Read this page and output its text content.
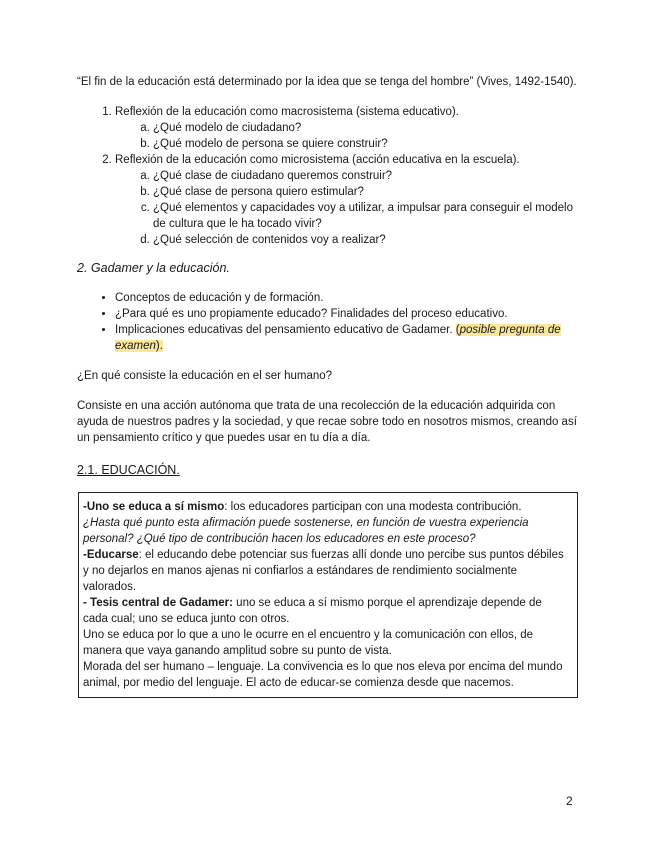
“El fin de la educación está determinado por la idea que se tenga del hombre” (Vives, 1492-1540).

1. Reflexión de la educación como macrosistema (sistema educativo).
a. ¿Qué modelo de ciudadano?
b. ¿Qué modelo de persona se quiere construir?
2. Reflexión de la educación como microsistema (acción educativa en la escuela).
a. ¿Qué clase de ciudadano queremos construir?
b. ¿Qué clase de persona quiero estimular?
c. ¿Qué elementos y capacidades voy a utilizar, a impulsar para conseguir el modelo de cultura que le ha tocado vivir?
d. ¿Qué selección de contenidos voy a realizar?

2. Gadamer y la educación.

• Conceptos de educación y de formación.
• ¿Para qué es uno propiamente educado? Finalidades del proceso educativo.
• Implicaciones educativas del pensamiento educativo de Gadamer. (posible pregunta de examen).

¿En qué consiste la educación en el ser humano?

Consiste en una acción autónoma que trata de una recolección de la educación adquirida con ayuda de nuestros padres y la sociedad, y que recae sobre todo en nosotros mismos, creando así un pensamiento crítico y que puedes usar en tu día a día.

2.1. EDUCACIÓN.

-Uno se educa a sí mismo: los educadores participan con una modesta contribución.

¿Hasta qué punto esta afirmación puede sostenerse, en función de vuestra experiencia personal? ¿Qué tipo de contribución hacen los educadores en este proceso?

-Educarse: el educando debe potenciar sus fuerzas allí donde uno percibe sus puntos débiles y no dejarlos en manos ajenas ni confiarlos a estándares de rendimiento socialmente valorados.

- Tesis central de Gadamer: uno se educa a sí mismo porque el aprendizaje depende de cada cual; uno se educa junto con otros.

Uno se educa por lo que a uno le ocurre en el encuentro y la comunicación con ellos, de manera que vaya ganando amplitud sobre su punto de vista.

Morada del ser humano – lenguaje. La convivencia es lo que nos eleva por encima del mundo animal, por medio del lenguaje. El acto de educar-se comienza desde que nacemos.

2
